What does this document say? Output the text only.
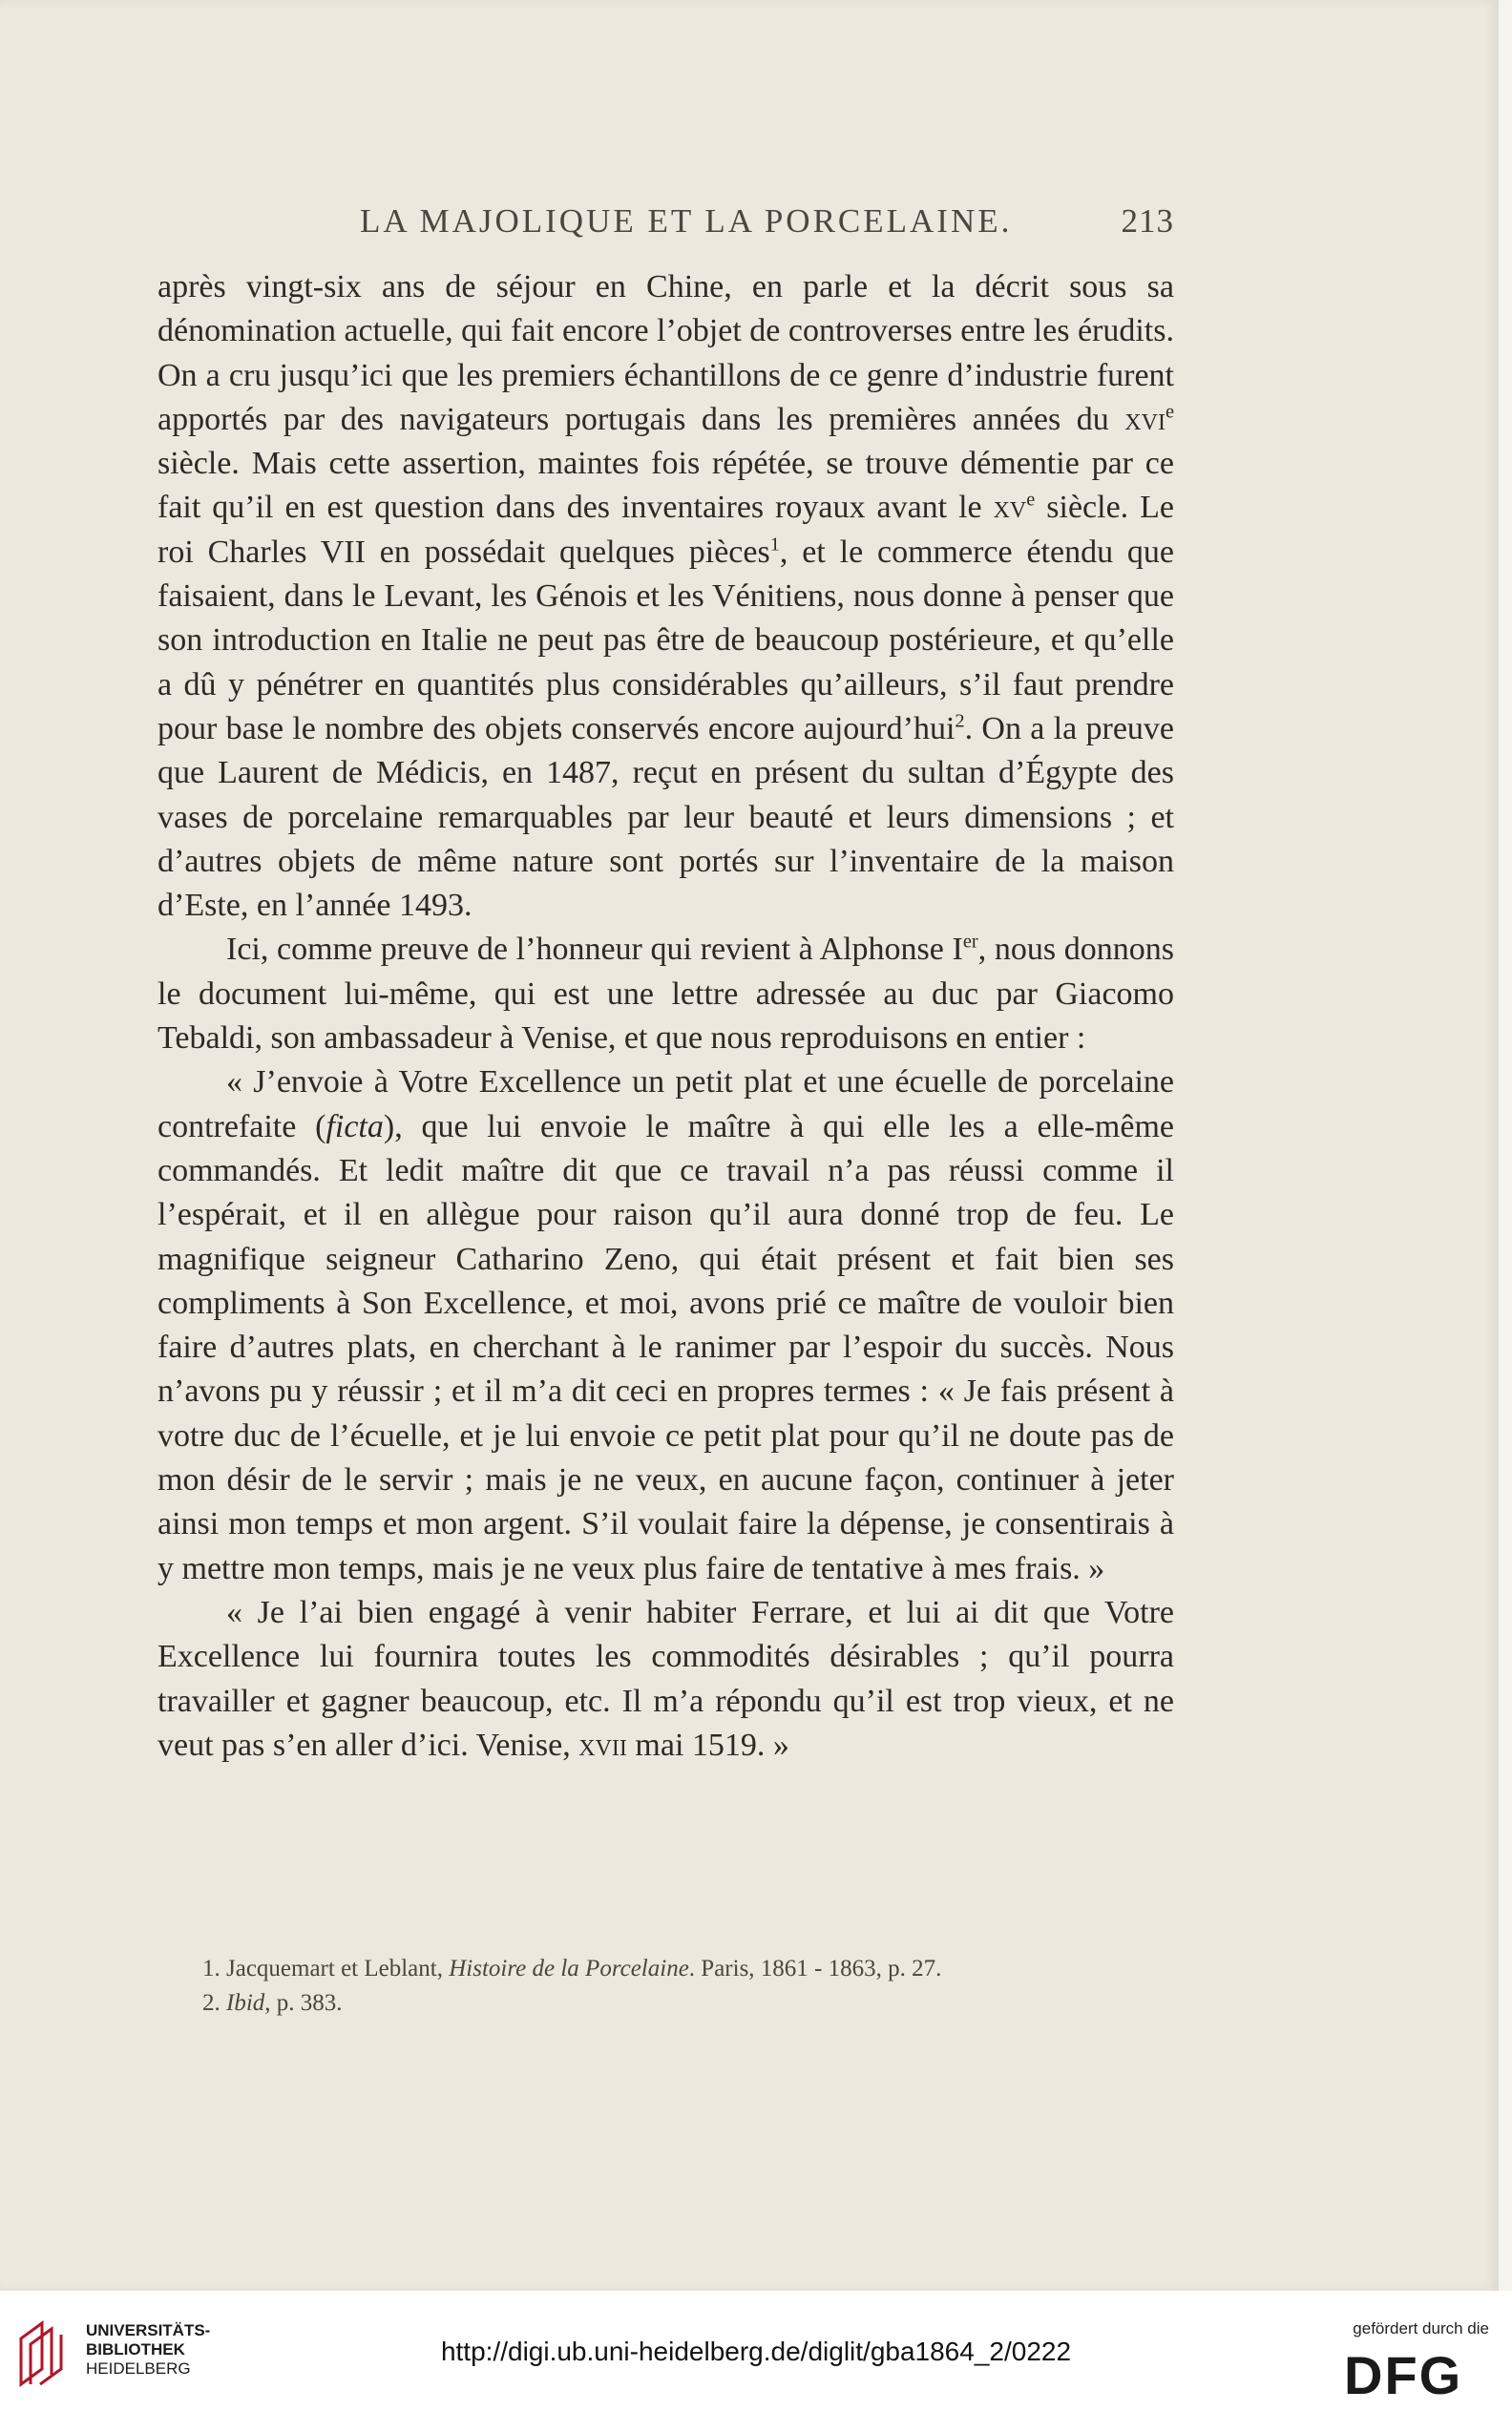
LA MAJOLIQUE ET LA PORCELAINE.	213

après vingt-six ans de séjour en Chine, en parle et la décrit sous sa dénomination actuelle, qui fait encore l’objet de controverses entre les érudits. On a cru jusqu’ici que les premiers échantillons de ce genre d’industrie furent apportés par des navigateurs portugais dans les premières années du xvi$^e$ siècle. Mais cette assertion, maintes fois répétée, se trouve démentie par ce fait qu’il en est question dans des inventaires royaux avant le $xv^e$ siècle. Le roi Charles VII en possédait quelques pièces$^1$, et le commerce étendu que faisaient, dans le Levant, les Génois et les Vénitiens, nous donne à penser que son introduction en Italie ne peut pas être de beaucoup postérieure, et qu’elle a dû y pénétrer en quantités plus considérables qu’ailleurs, s’il faut prendre pour base le nombre des objets conservés encore aujourd’hui$^2$. On a la preuve que Laurent de Médicis, en 1487, reçut en présent du sultan d’Égypte des vases de porcelaine remarquables par leur beauté et leurs dimensions ; et d’autres objets de même nature sont portés sur l’inventaire de la maison d’Este, en l’année 1493.

Ici, comme preuve de l’honneur qui revient à Alphonse Ier, nous donnons le document lui-même, qui est une lettre adressée au duc par Giacomo Tebaldi, son ambassadeur à Venise, et que nous reproduisons en entier :

« J’envoie à Votre Excellence un petit plat et une écuelle de porcelaine contrefaite (ficta), que lui envoie le maître à qui elle les a elle-même commandés. Et ledit maître dit que ce travail n’a pas réussi comme il l’espérait, et il en allègue pour raison qu’il aura donné trop de feu. Le magnifique seigneur Catharino Zeno, qui était présent et fait bien ses compliments à Son Excellence, et moi, avons prié ce maître de vouloir bien faire d’autres plats, en cherchant à le ranimer par l’espoir du succès. Nous n’avons pu y réussir ; et il m’a dit ceci en propres termes : « Je fais présent à votre duc de l’écuelle, et je lui envoie ce petit plat pour qu’il ne doute pas de mon désir de le servir ; mais je ne veux, en aucune façon, continuer à jeter ainsi mon temps et mon argent. S’il voulait faire la dépense, je consentirais à y mettre mon temps, mais je ne veux plus faire de tentative à mes frais. »

« Je l’ai bien engagé à venir habiter Ferrare, et lui ai dit que Votre Excellence lui fournira toutes les commodités désirables ; qu’il pourra travailler et gagner beaucoup, etc. Il m’a répondu qu’il est trop vieux, et ne veut pas s’en aller d’ici. Venise, xvii mai 1519. »

1. Jacquemart et Leblant, Histoire de la Porcelaine. Paris, 1861 - 1863, p. 27.
2. Ibid, p. 383.
UNIVERSITÄTS-
BIBLIOTHEK
HEIDELBERG
http://digi.ub.uni-heidelberg.de/diglit/gba1864_2/0222
gefördert durch die
DFG
